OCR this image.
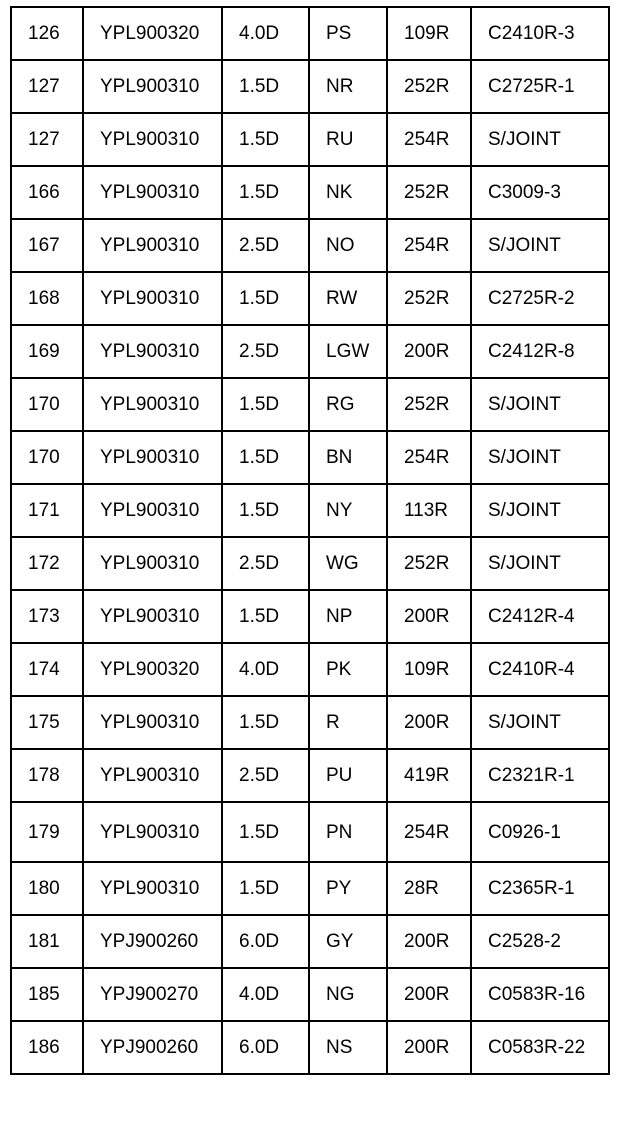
126	YPL900320	4.0D	PS	109R	C2410R-3
127	YPL900310	1.5D	NR	252R	C2725R-1
127	YPL900310	1.5D	RU	254R	S/JOINT
166	YPL900310	1.5D	NK	252R	C3009-3
167	YPL900310	2.5D	NO	254R	S/JOINT
168	YPL900310	1.5D	RW	252R	C2725R-2
169	YPL900310	2.5D	LGW	200R	C2412R-8
170	YPL900310	1.5D	RG	252R	S/JOINT
170	YPL900310	1.5D	BN	254R	S/JOINT
171	YPL900310	1.5D	NY	113R	S/JOINT
172	YPL900310	2.5D	WG	252R	S/JOINT
173	YPL900310	1.5D	NP	200R	C2412R-4
174	YPL900320	4.0D	PK	109R	C2410R-4
175	YPL900310	1.5D	R	200R	S/JOINT
178	YPL900310	2.5D	PU	419R	C2321R-1
179	YPL900310	1.5D	PN	254R	C0926-1
180	YPL900310	1.5D	PY	28R	C2365R-1
181	YPJ900260	6.0D	GY	200R	C2528-2
185	YPJ900270	4.0D	NG	200R	C0583R-16
186	YPJ900260	6.0D	NS	200R	C0583R-22
